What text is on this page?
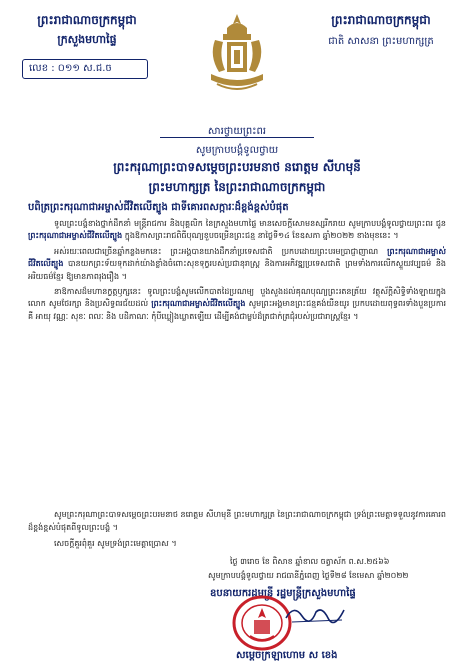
ព្រះរាជាណាចក្រកម្ពុជា
ក្រសួងមហាផ្ទៃ
លេខ : ០១១ ស.ជ.ច
ព្រះរាជាណាចក្រកម្ពុជា
ជាតិ សាសនា ព្រះមហាក្សត្រ
សារថ្វាយព្រះពរ
សូមក្រាបបង្គំទូលថ្វាយ
ព្រះករុណាព្រះបាទសម្តេចព្រះបរមនាថ នរោត្តម សីហមុនី
ព្រះមហាក្សត្រ នៃព្រះរាជាណាចក្រកម្ពុជា
បពិត្រព្រះករុណាជាអម្ចាស់ជីវិតលើត្បូង ជាទីគោរពសក្ការៈដ៏ខ្ពង់ខ្ពស់បំផុត

ទូលព្រះបង្គំខាងថ្នាក់ដឹកនាំ មន្ត្រីរាជការ និងបុគ្គលិក នៃក្រសួងមហាផ្ទៃ មានសេចក្តីសោមនស្សរីករាយ សូមក្រាបបង្គំទូលថ្វាយព្រះពរ ជូនព្រះករុណាជាអម្ចាស់ជីវិតលើត្បូង ក្នុងឱកាសព្រះរាជពិធីបុណ្យខួបចម្រើនព្រះជន្ម នាថ្ងៃទី១៤ ខែឧសភា ឆ្នាំ២០២២ ខាងមុខនេះ ។

អស់រយៈពេលជាច្រើនឆ្នាំកន្លងមកនេះ ព្រះអង្គបានយាងដឹកនាំប្រទេសជាតិ ប្រកបដោយព្រះបរមប្រាជ្ញាញាណ ព្រះករុណាជាអម្ចាស់ជីវិតលើត្បូង បានយកព្រះទ័យទុកដាក់យ៉ាងខ្លាំងចំពោះសុខទុក្ខរបស់ប្រជានុរាស្ត្រ និងការអភិវឌ្ឍប្រទេសជាតិ ព្រមទាំងការលើកស្ទួយវប្បធម៌ និងអរិយធម៌ខ្មែរ ឱ្យមានភាពរុងរឿង ។

នាឱកាសដ៏មហានក្ខត្តឫក្សនេះ ទូលព្រះបង្គំសូមលើកបាតដៃប្រណម្យ បួងសួងដល់គុណបុណ្យព្រះរតនត្រ័យ វត្ថុស័ក្តិសិទ្ធិទាំងឡាយក្នុងលោក សូមថែរក្សា និងប្រសិទ្ធពរជ័យដល់ ព្រះករុណាជាអម្ចាស់ជីវិតលើត្បូង សូមព្រះអង្គមានព្រះជន្មគង់យឺនយូរ ប្រកបដោយពុទ្ធពរទាំងបួនប្រការ គឺ អាយុ វណ្ណៈ សុខៈ ពលៈ និង បដិភាណៈ កុំបីឃ្លៀងឃ្លាតឡើយ ដើម្បីគង់ជាម្លប់ដ៏ត្រជាក់ត្រជុំរបស់ប្រជារាស្ត្រខ្មែរ ។

សូមព្រះករុណាព្រះបាទសម្តេចព្រះបរមនាថ នរោត្តម សីហមុនី ព្រះមហាក្សត្រ នៃព្រះរាជាណាចក្រកម្ពុជា ទ្រង់ព្រះមេត្តាទទួលនូវការគោរពដ៏ខ្ពង់ខ្ពស់បំផុតពីទូលព្រះបង្គំ ។
សេចក្តីគួរពុំគួរ សូមទ្រង់ព្រះមេត្តាប្រោស ។
ថ្ងៃ ៣រោច ខែ ពិសាខ ឆ្នាំខាល ចត្វាស័ក ព.ស.២៥៦៦
សូមក្រាបបង្គំទូលថ្វាយ រាជធានីភ្នំពេញ ថ្ងៃទី២៨ ខែមេសា ឆ្នាំ២០២២
ឧបនាយករដ្ឋមន្ត្រី រដ្ឋមន្ត្រីក្រសួងមហាផ្ទៃ
សម្តេចក្រឡាហោម ស ខេង
